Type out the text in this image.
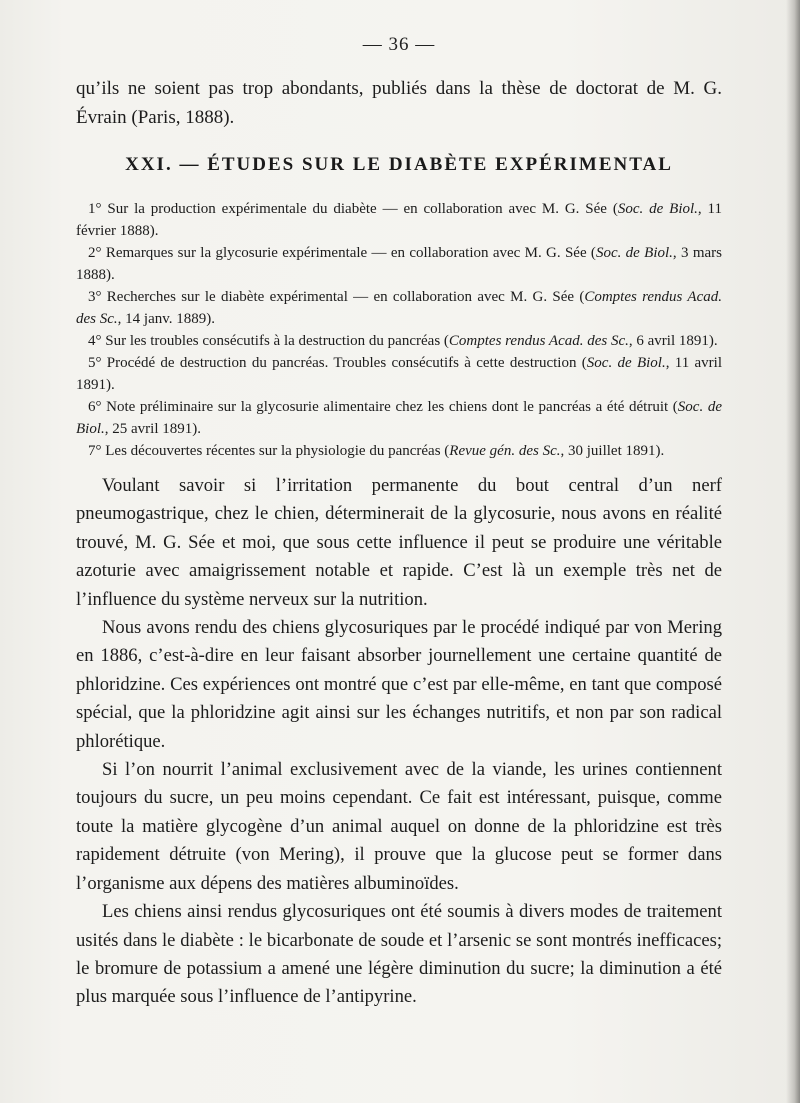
— 36 —

qu’ils ne soient pas trop abondants, publiés dans la thèse de doctorat de M. G. Évrain (Paris, 1888).

XXI. — ÉTUDES SUR LE DIABÈTE EXPÉRIMENTAL

1° Sur la production expérimentale du diabète — en collaboration avec M. G. Sée (Soc. de Biol., 11 février 1888).

2° Remarques sur la glycosurie expérimentale — en collaboration avec M. G. Sée (Soc. de Biol., 3 mars 1888).

3° Recherches sur le diabète expérimental — en collaboration avec M. G. Sée (Comptes rendus Acad. des Sc., 14 janv. 1889).

4° Sur les troubles consécutifs à la destruction du pancréas (Comptes rendus Acad. des Sc., 6 avril 1891).

5° Procédé de destruction du pancréas. Troubles consécutifs à cette destruction (Soc. de Biol., 11 avril 1891).

6° Note préliminaire sur la glycosurie alimentaire chez les chiens dont le pancréas a été détruit (Soc. de Biol., 25 avril 1891).

7° Les découvertes récentes sur la physiologie du pancréas (Revue gén. des Sc., 30 juillet 1891).

Voulant savoir si l’irritation permanente du bout central d’un nerf pneumogastrique, chez le chien, déterminerait de la glycosurie, nous avons en réalité trouvé, M. G. Sée et moi, que sous cette influence il peut se produire une véritable azoturie avec amaigrissement notable et rapide. C’est là un exemple très net de l’influence du système nerveux sur la nutrition.

Nous avons rendu des chiens glycosuriques par le procédé indiqué par von Mering en 1886, c’est-à-dire en leur faisant absorber journellement une certaine quantité de phloridzine. Ces expériences ont montré que c’est par elle-même, en tant que composé spécial, que la phloridzine agit ainsi sur les échanges nutritifs, et non par son radical phlorétique.

Si l’on nourrit l’animal exclusivement avec de la viande, les urines contiennent toujours du sucre, un peu moins cependant. Ce fait est intéressant, puisque, comme toute la matière glycogène d’un animal auquel on donne de la phloridzine est très rapidement détruite (von Mering), il prouve que la glucose peut se former dans l’organisme aux dépens des matières albuminoïdes.

Les chiens ainsi rendus glycosuriques ont été soumis à divers modes de traitement usités dans le diabète : le bicarbonate de soude et l’arsenic se sont montrés inefficaces; le bromure de potassium a amené une légère diminution du sucre; la diminution a été plus marquée sous l’influence de l’antipyrine.
